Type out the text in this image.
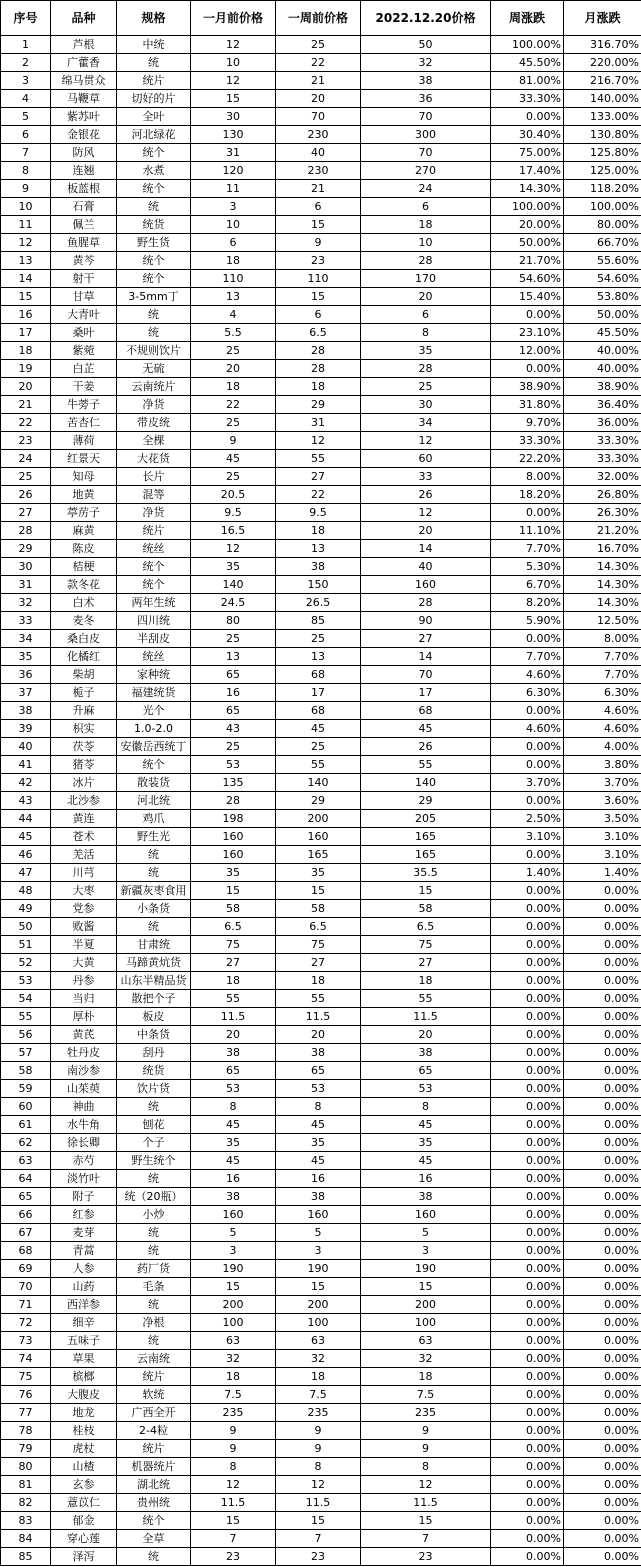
序号	品种	规格	一月前价格	一周前价格	2022.12.20价格	周涨跌	月涨跌
1	芦根	中统	12	25	50	100.00%	316.70%
2	广藿香	统	10	22	32	45.50%	220.00%
3	绵马贯众	统片	12	21	38	81.00%	216.70%
4	马鞭草	切好的片	15	20	36	33.30%	140.00%
5	紫苏叶	全叶	30	70	70	0.00%	133.00%
6	金银花	河北绿花	130	230	300	30.40%	130.80%
7	防风	统个	31	40	70	75.00%	125.80%
8	连翘	水煮	120	230	270	17.40%	125.00%
9	板蓝根	统个	11	21	24	14.30%	118.20%
10	石膏	统	3	6	6	100.00%	100.00%
11	佩兰	统货	10	15	18	20.00%	80.00%
12	鱼腥草	野生货	6	9	10	50.00%	66.70%
13	黄芩	统个	18	23	28	21.70%	55.60%
14	射干	统个	110	110	170	54.60%	54.60%
15	甘草	3-5mm丁	13	15	20	15.40%	53.80%
16	大青叶	统	4	6	6	0.00%	50.00%
17	桑叶	统	5.5	6.5	8	23.10%	45.50%
18	紫菀	不规则饮片	25	28	35	12.00%	40.00%
19	白芷	无硫	20	28	28	0.00%	40.00%
20	干姜	云南统片	18	18	25	38.90%	38.90%
21	牛蒡子	净货	22	29	30	31.80%	36.40%
22	苦杏仁	带皮统	25	31	34	9.70%	36.00%
23	薄荷	全棵	9	12	12	33.30%	33.30%
24	红景天	大花货	45	55	60	22.20%	33.30%
25	知母	长片	25	27	33	8.00%	32.00%
26	地黄	混等	20.5	22	26	18.20%	26.80%
27	葶苈子	净货	9.5	9.5	12	0.00%	26.30%
28	麻黄	统片	16.5	18	20	11.10%	21.20%
29	陈皮	统丝	12	13	14	7.70%	16.70%
30	桔梗	统个	35	38	40	5.30%	14.30%
31	款冬花	统个	140	150	160	6.70%	14.30%
32	白术	两年生统	24.5	26.5	28	8.20%	14.30%
33	麦冬	四川统	80	85	90	5.90%	12.50%
34	桑白皮	半刮皮	25	25	27	0.00%	8.00%
35	化橘红	统丝	13	13	14	7.70%	7.70%
36	柴胡	家种统	65	68	70	4.60%	7.70%
37	栀子	福建统货	16	17	17	6.30%	6.30%
38	升麻	光个	65	68	68	0.00%	4.60%
39	枳实	1.0-2.0	43	45	45	4.60%	4.60%
40	茯苓	安徽岳西统丁	25	25	26	0.00%	4.00%
41	猪苓	统个	53	55	55	0.00%	3.80%
42	冰片	散装货	135	140	140	3.70%	3.70%
43	北沙参	河北统	28	29	29	0.00%	3.60%
44	黄连	鸡爪	198	200	205	2.50%	3.50%
45	苍术	野生光	160	160	165	3.10%	3.10%
46	羌活	统	160	165	165	0.00%	3.10%
47	川芎	统	35	35	35.5	1.40%	1.40%
48	大枣	新疆灰枣食用	15	15	15	0.00%	0.00%
49	党参	小条货	58	58	58	0.00%	0.00%
50	败酱	统	6.5	6.5	6.5	0.00%	0.00%
51	半夏	甘肃统	75	75	75	0.00%	0.00%
52	大黄	马蹄黄炕货	27	27	27	0.00%	0.00%
53	丹参	山东半精品货	18	18	18	0.00%	0.00%
54	当归	散把个子	55	55	55	0.00%	0.00%
55	厚朴	板皮	11.5	11.5	11.5	0.00%	0.00%
56	黄芪	中条货	20	20	20	0.00%	0.00%
57	牡丹皮	刮丹	38	38	38	0.00%	0.00%
58	南沙参	统货	65	65	65	0.00%	0.00%
59	山茱萸	饮片货	53	53	53	0.00%	0.00%
60	神曲	统	8	8	8	0.00%	0.00%
61	水牛角	刨花	45	45	45	0.00%	0.00%
62	徐长卿	个子	35	35	35	0.00%	0.00%
63	赤芍	野生统个	45	45	45	0.00%	0.00%
64	淡竹叶	统	16	16	16	0.00%	0.00%
65	附子	统（20瓶）	38	38	38	0.00%	0.00%
66	红参	小炒	160	160	160	0.00%	0.00%
67	麦芽	统	5	5	5	0.00%	0.00%
68	青蒿	统	3	3	3	0.00%	0.00%
69	人参	药厂货	190	190	190	0.00%	0.00%
70	山药	毛条	15	15	15	0.00%	0.00%
71	西洋参	统	200	200	200	0.00%	0.00%
72	细辛	净根	100	100	100	0.00%	0.00%
73	五味子	统	63	63	63	0.00%	0.00%
74	草果	云南统	32	32	32	0.00%	0.00%
75	槟榔	统片	18	18	18	0.00%	0.00%
76	大腹皮	软统	7.5	7.5	7.5	0.00%	0.00%
77	地龙	广西全开	235	235	235	0.00%	0.00%
78	桂枝	2-4粒	9	9	9	0.00%	0.00%
79	虎杖	统片	9	9	9	0.00%	0.00%
80	山楂	机器统片	8	8	8	0.00%	0.00%
81	玄参	湖北统	12	12	12	0.00%	0.00%
82	薏苡仁	贵州统	11.5	11.5	11.5	0.00%	0.00%
83	郁金	统个	15	15	15	0.00%	0.00%
84	穿心莲	全草	7	7	7	0.00%	0.00%
85	泽泻	统	23	23	23	0.00%	0.00%
